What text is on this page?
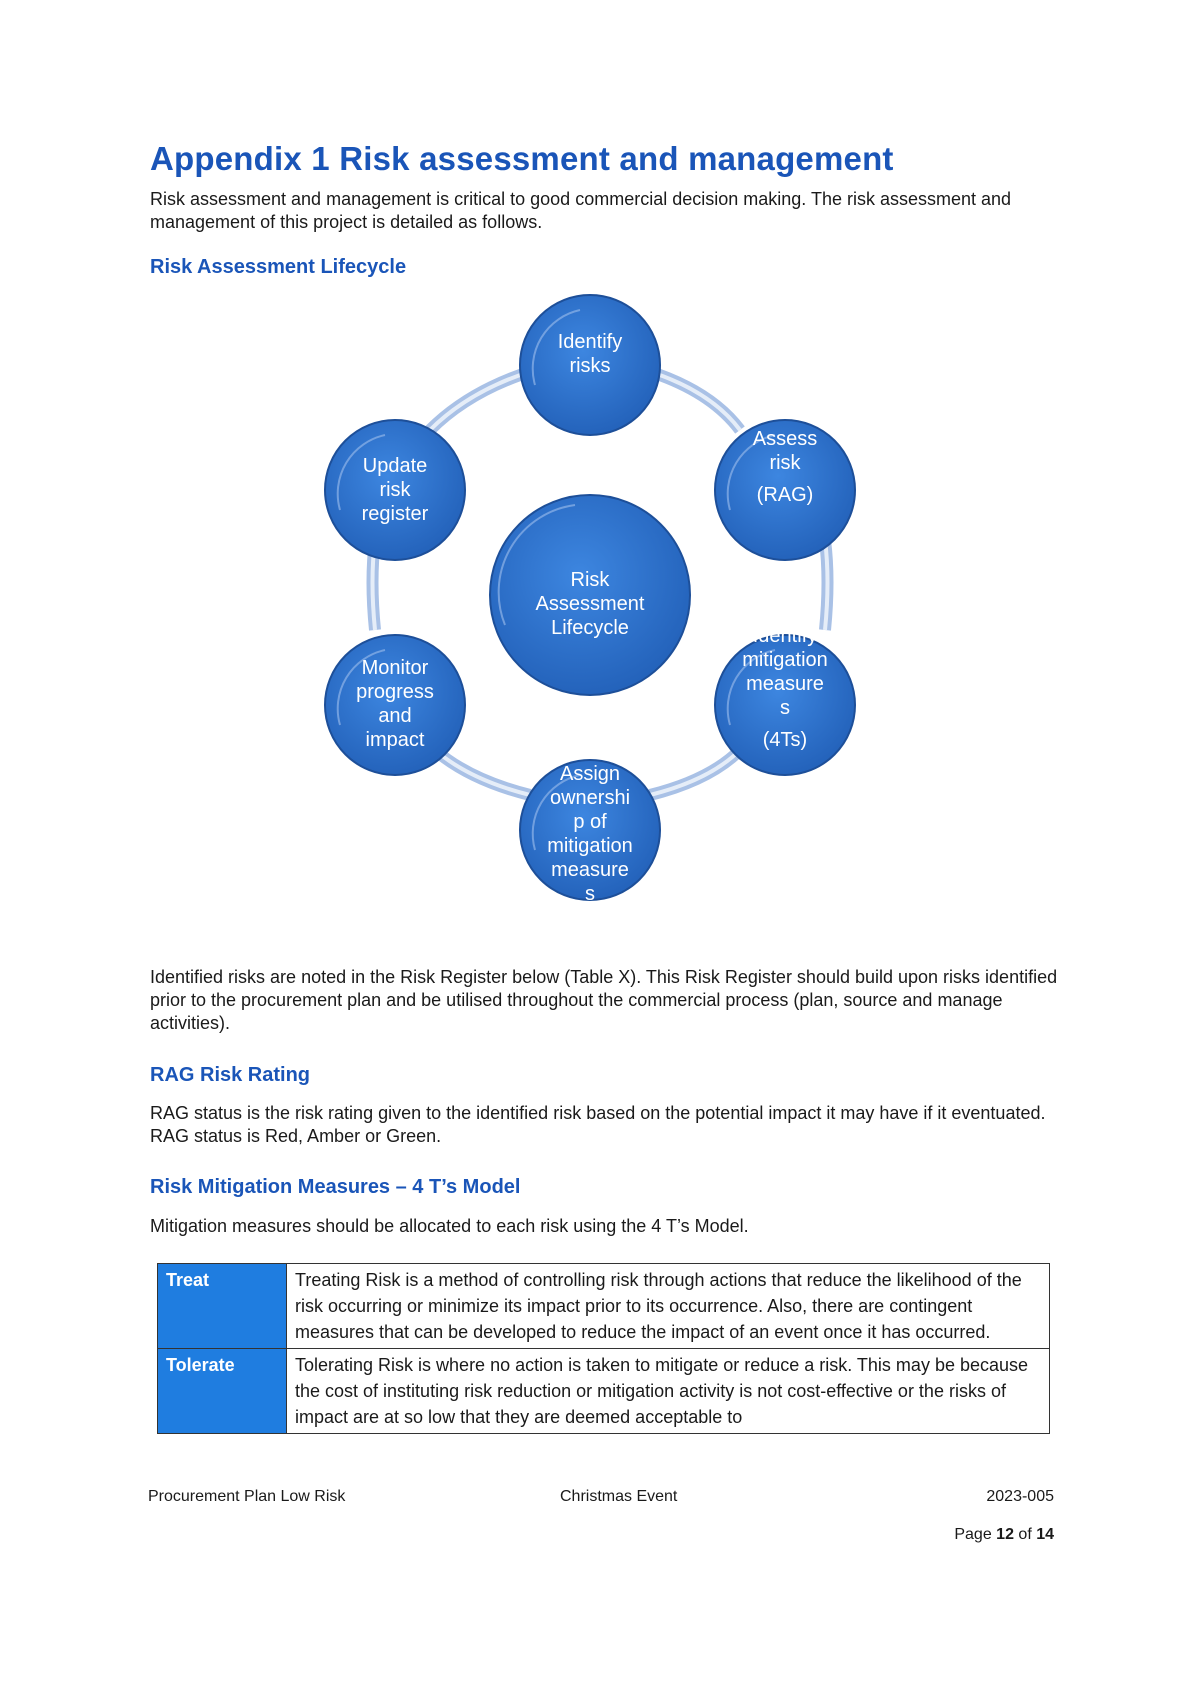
Appendix 1 Risk assessment and management

Risk assessment and management is critical to good commercial decision making. The risk assessment and management of this project is detailed as follows.

Risk Assessment Lifecycle
Identify
risks
Assess
risk
(RAG)
Identify
mitigation
measure
s
(4Ts)
Assign
ownershi
p of
mitigation
measure
s
Monitor
progress
and
impact
Update
risk
register
Risk
Assessment
Lifecycle

Identified risks are noted in the Risk Register below (Table X). This Risk Register should build upon risks identified prior to the procurement plan and be utilised throughout the commercial process (plan, source and manage activities).

RAG Risk Rating

RAG status is the risk rating given to the identified risk based on the potential impact it may have if it eventuated. RAG status is Red, Amber or Green.

Risk Mitigation Measures – 4 T’s Model

Mitigation measures should be allocated to each risk using the 4 T’s Model.

Treat	Treating Risk is a method of controlling risk through actions that reduce the likelihood of the risk occurring or minimize its impact prior to its occurrence. Also, there are contingent measures that can be developed to reduce the impact of an event once it has occurred.
Tolerate	Tolerating Risk is where no action is taken to mitigate or reduce a risk. This may be because the cost of instituting risk reduction or mitigation activity is not cost-effective or the risks of impact are at so low that they are deemed acceptable to
Procurement Plan Low Risk	Christmas Event	2023-005
Page 12 of 14
